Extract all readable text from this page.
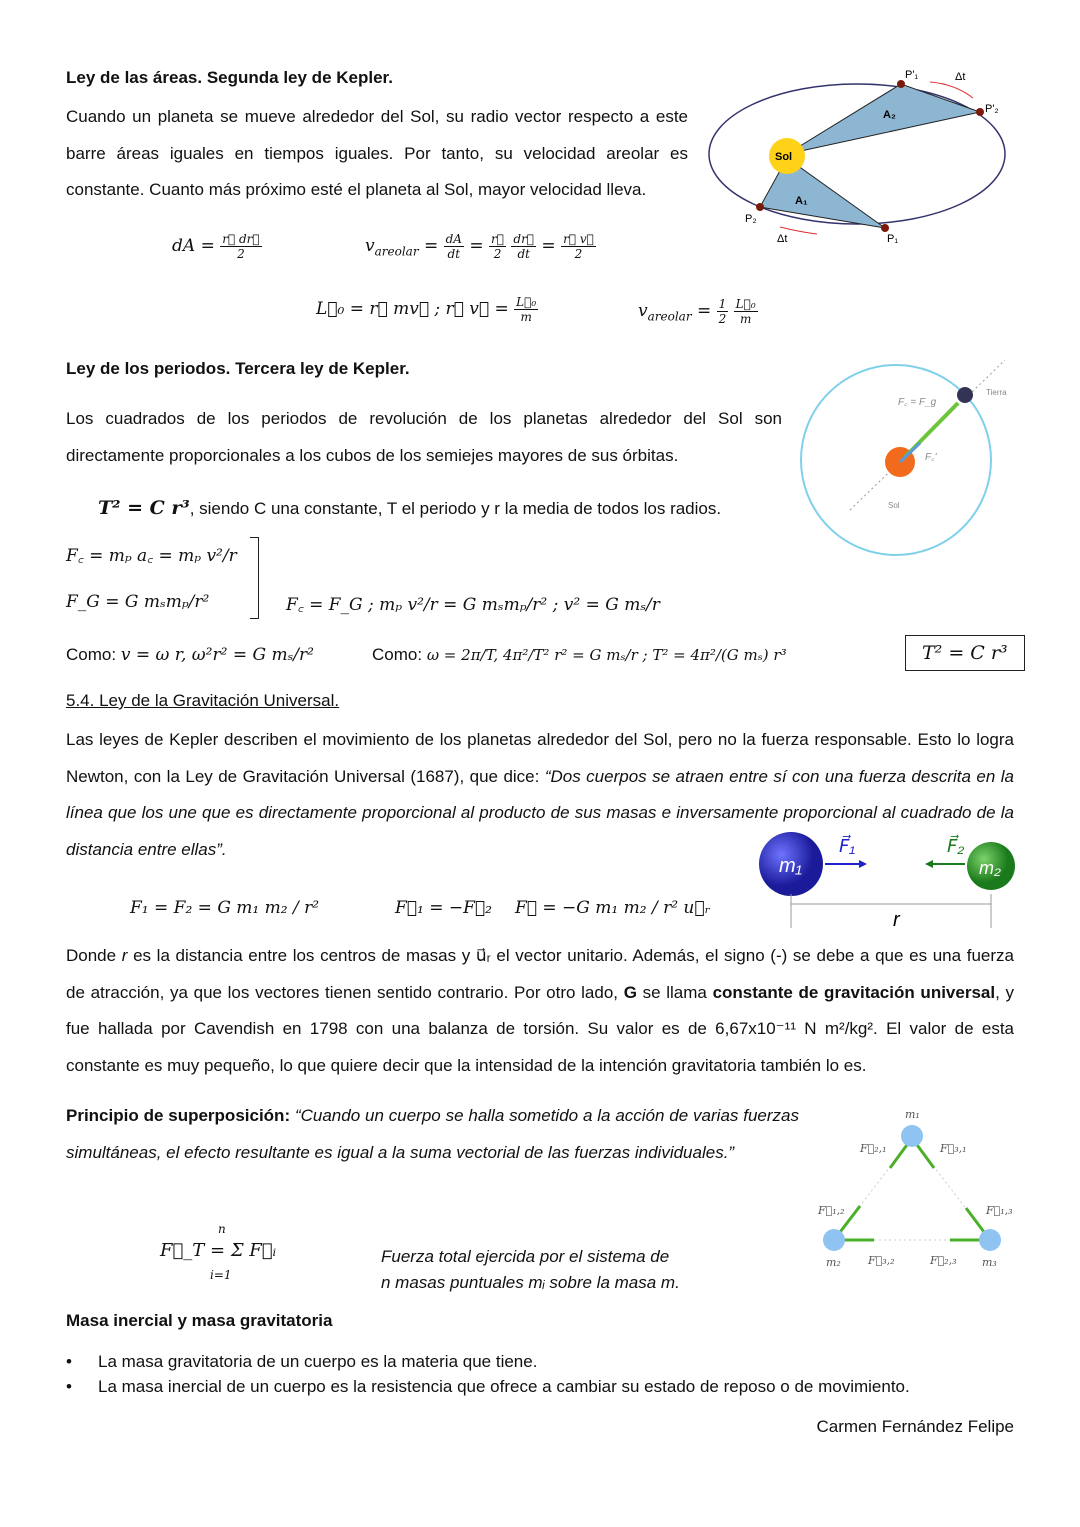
Ley de las áreas. Segunda ley de Kepler.
Cuando un planeta se mueve alrededor del Sol, su radio vector respecto a este barre áreas iguales en tiempos iguales. Por tanto, su velocidad areolar es constante. Cuanto más próximo esté el planeta al Sol, mayor velocidad lleva.
Sol
A₂
A₁
P'₁
P'₂
P₂
P₁
Δt
Δt
dA = $\frac{r⃗ dr⃗}{2}$	$v_{areolar} = \frac{dA}{dt} = \frac{r⃗}{2}$
$\frac{dr⃗}{dt} = \frac{r⃗ v⃗}{2}$
L⃗₀ = r⃗ mv⃗ ; r⃗ v⃗ = $\frac{\text{L⃗₀}}{m}$	$v_{areolar} = \frac{1}{2}$
$\frac{\text{L⃗₀}}{m}$
Ley de los periodos. Tercera ley de Kepler.
Los cuadrados de los periodos de revolución de los planetas alrededor del Sol son directamente proporcionales a los cubos de los semiejes mayores de sus órbitas.
T² = C r³, siendo C una constante, T el periodo y r la media de todos los radios.
F꜀ = F_g
F꜀'
Tierra
Sol
F꜀ = mₚ a꜀ = mₚ v²/r
F_G = G mₛmₚ/r²	F꜀ = F_G ; mₚ v²/r = G mₛmₚ/r² ; v² = G mₛ/r
Como: v = ω r, ω²r² = G mₛ/r²	Como: ω = 2π/T, 4π²/T² r² = G mₛ/r ; T² = 4π²/(G mₛ) r³	T² = C r³
5.4. Ley de la Gravitación Universal.
Las leyes de Kepler describen el movimiento de los planetas alrededor del Sol, pero no la fuerza responsable. Esto lo logra Newton, con la Ley de Gravitación Universal (1687), que dice: “Dos cuerpos se atraen entre sí con una fuerza descrita en la línea que los une que es directamente proporcional al producto de sus masas e inversamente proporcional al cuadrado de la distancia entre ellas”.
m₁	m₂
F⃗₁	F⃗₂
r
F₁ = F₂ = G m₁ m₂ / r²	F⃗₁ = −F⃗₂ F⃗ = −G m₁ m₂ / r² u⃗ᵣ
Donde r es la distancia entre los centros de masas y u⃗ᵣ el vector unitario. Además, el signo (-) se debe a que es una fuerza de atracción, ya que los vectores tienen sentido contrario. Por otro lado, G se llama constante de gravitación universal, y fue hallada por Cavendish en 1798 con una balanza de torsión. Su valor es de 6,67x10⁻¹¹ N m²/kg². El valor de esta constante es muy pequeño, lo que quiere decir que la intensidad de la intención gravitatoria también lo es.
Principio de superposición: “Cuando un cuerpo se halla sometido a la acción de varias fuerzas simultáneas, el efecto resultante es igual a la suma vectorial de las fuerzas individuales.”
m₁
m₂	m₃
F⃗₂,₁	F⃗₃,₁
F⃗₁,₂	F⃗₁,₃
F⃗₃,₂	F⃗₂,₃
F⃗_T = Σ F⃗ᵢ
n
i=1
Fuerza total ejercida por el sistema de
n masas puntuales mᵢ sobre la masa m.
Masa inercial y masa gravitatoria
• La masa gravitatoria de un cuerpo es la materia que tiene.
• La masa inercial de un cuerpo es la resistencia que ofrece a cambiar su estado de reposo o de movimiento.
Carmen Fernández Felipe
